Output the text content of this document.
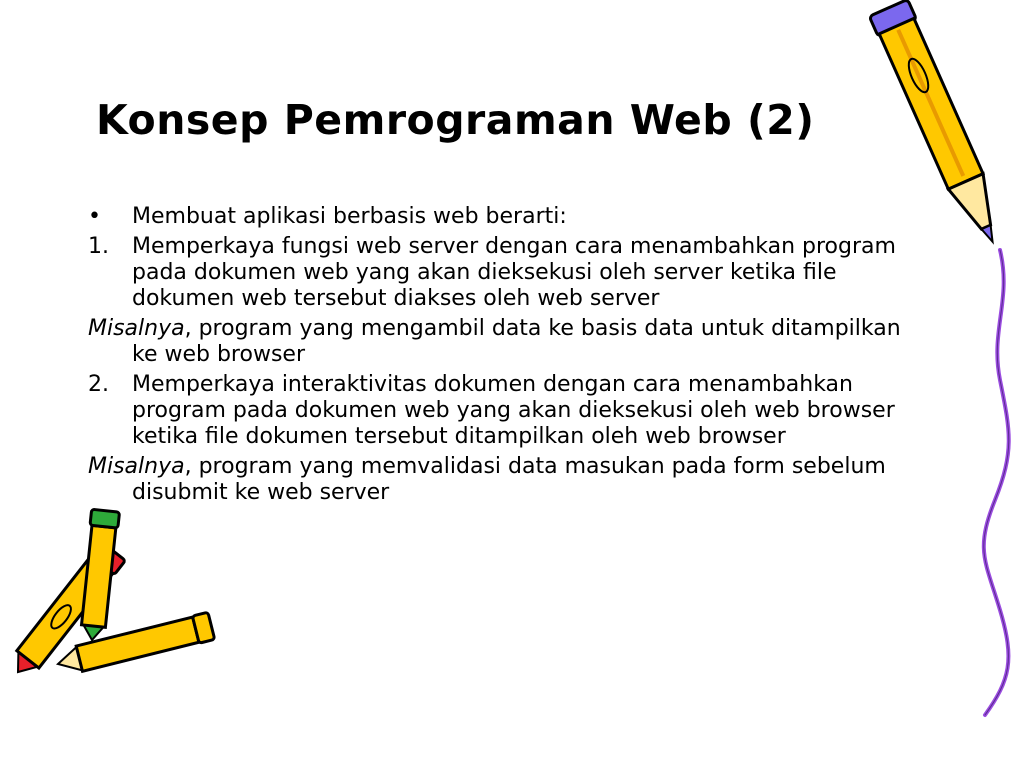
Konsep Pemrograman Web (2)
•	Membuat aplikasi berbasis web berarti:
1.	Memperkaya fungsi web server dengan cara menambahkan program pada dokumen web yang akan dieksekusi oleh server ketika file dokumen web tersebut diakses oleh web server
Misalnya, program yang mengambil data ke basis data untuk ditampilkan ke web browser
2.	Memperkaya interaktivitas dokumen dengan cara menambahkan program pada dokumen web yang akan dieksekusi oleh web browser ketika file dokumen tersebut ditampilkan oleh web browser
Misalnya, program yang memvalidasi data masukan pada form sebelum disubmit ke web server
